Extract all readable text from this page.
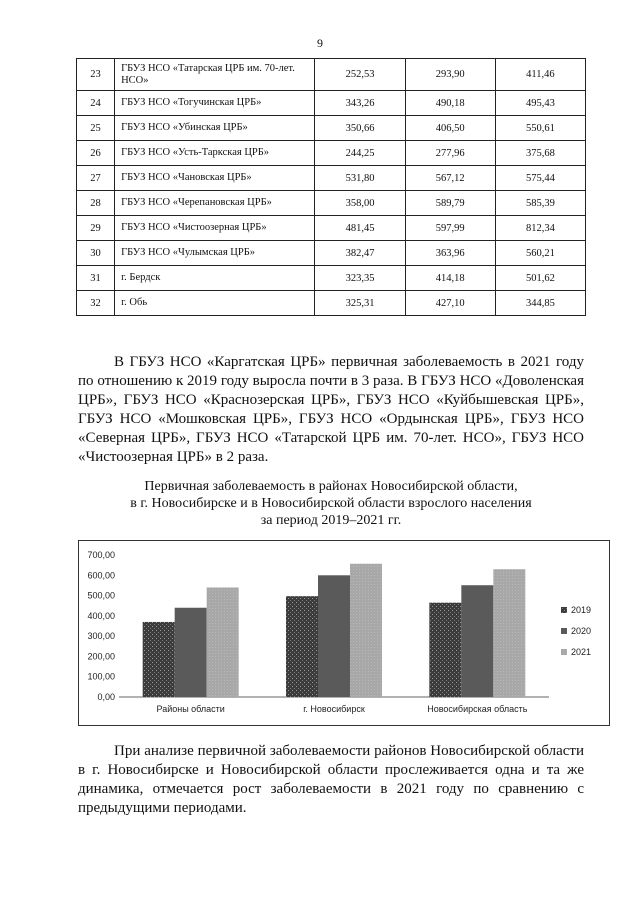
9
23	ГБУЗ НСО «Татарская ЦРБ им. 70-лет. НСО»	252,53	293,90	411,46
24	ГБУЗ НСО «Тогучинская ЦРБ»	343,26	490,18	495,43
25	ГБУЗ НСО «Убинская ЦРБ»	350,66	406,50	550,61
26	ГБУЗ НСО «Усть-Таркская ЦРБ»	244,25	277,96	375,68
27	ГБУЗ НСО «Чановская ЦРБ»	531,80	567,12	575,44
28	ГБУЗ НСО «Черепановская ЦРБ»	358,00	589,79	585,39
29	ГБУЗ НСО «Чистоозерная ЦРБ»	481,45	597,99	812,34
30	ГБУЗ НСО «Чулымская ЦРБ»	382,47	363,96	560,21
31	г. Бердск	323,35	414,18	501,62
32	г. Обь	325,31	427,10	344,85

В ГБУЗ НСО «Каргатская ЦРБ» первичная заболеваемость в 2021 году по отношению к 2019 году выросла почти в 3 раза. В ГБУЗ НСО «Доволенская ЦРБ», ГБУЗ НСО «Краснозерская ЦРБ», ГБУЗ НСО «Куйбышевская ЦРБ», ГБУЗ НСО «Мошковская ЦРБ», ГБУЗ НСО «Ордынская ЦРБ», ГБУЗ НСО «Северная ЦРБ», ГБУЗ НСО «Татарской ЦРБ им. 70-лет. НСО», ГБУЗ НСО «Чистоозерная ЦРБ» в 2 раза.

Первичная заболеваемость в районах Новосибирской области,
в г. Новосибирске и в Новосибирской области взрослого населения
за период 2019–2021 гг.
0,00
100,00
200,00
300,00
400,00
500,00
600,00
700,00
Районы области	г. Новосибирск	Новосибирская область
2019
2020
2021

При анализе первичной заболеваемости районов Новосибирской области в г. Новосибирске и Новосибирской области прослеживается одна и та же динамика, отмечается рост заболеваемости в 2021 году по сравнению с предыдущими периодами.
